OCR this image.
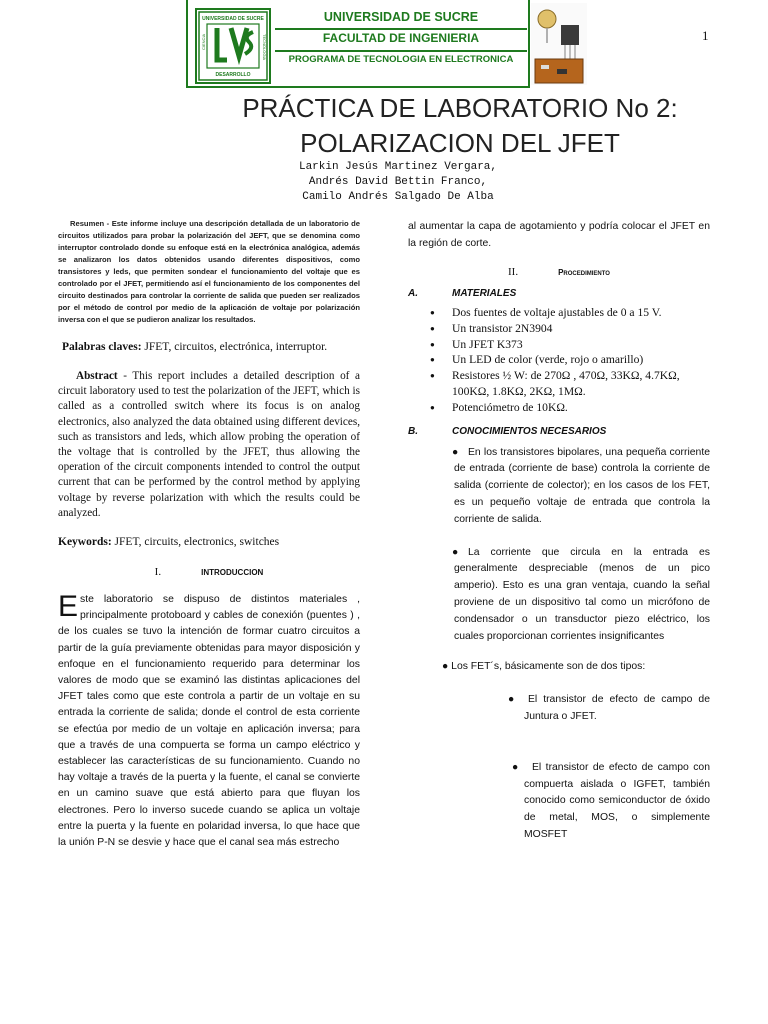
UNIVERSIDAD DE SUCRE
CIENCIA	TECNOLOGIA
DESARROLLO
UNIVERSIDAD DE SUCRE
FACULTAD DE INGENIERIA
PROGRAMA DE TECNOLOGIA EN ELECTRONICA
1
PRÁCTICA DE LABORATORIO No 2:
POLARIZACION DEL JFET
Larkin Jesús Martinez Vergara,
Andrés David Bettin Franco,
Camilo Andrés Salgado De Alba
Resumen - Este informe incluye una descripción detallada de un laboratorio de circuitos utilizados para probar la polarización del JEFT, que se denomina como interruptor controlado donde su enfoque está en la electrónica analógica, además se analizaron los datos obtenidos usando diferentes dispositivos, como transistores y leds, que permiten sondear el funcionamiento del voltaje que es controlado por el JFET, permitiendo así el funcionamiento de los componentes del circuito destinados para controlar la corriente de salida que pueden ser realizados por el método de control por medio de la aplicación de voltaje por polarización inversa con el que se pudieron analizar los resultados.
Palabras claves: JFET, circuitos, electrónica, interruptor.
Abstract - This report includes a detailed description of a circuit laboratory used to test the polarization of the JEFT, which is called as a controlled switch where its focus is on analog electronics, also analyzed the data obtained using different devices, such as transistors and leds, which allow probing the operation of the voltage that is controlled by the JFET, thus allowing the operation of the circuit components intended to control the output current that can be performed by the control method by applying voltage by reverse polarization with which the results could be analyzed.
Keywords: JFET, circuits, electronics, switches
I.	INTRODUCCION
Este laboratorio se dispuso de distintos materiales , principalmente protoboard y cables de conexión (puentes ) , de los cuales se tuvo la intención de formar cuatro circuitos a partir de la guía previamente obtenidas para mayor disposición y enfoque en el funcionamiento requerido para determinar los valores de modo que se examinó las distintas aplicaciones del JFET tales como que este controla a partir de un voltaje en su entrada la corriente de salida; donde el control de esta corriente se efectúa por medio de un voltaje en aplicación inversa; para que a través de una compuerta se forma un campo eléctrico y establecer las características de su funcionamiento. Cuando no hay voltaje a través de la puerta y la fuente, el canal se convierte en un camino suave que está abierto para que fluyan los electrones. Pero lo inverso sucede cuando se aplica un voltaje entre la puerta y la fuente en polaridad inversa, lo que hace que la unión P-N se desvie y hace que el canal sea más estrecho
al aumentar la capa de agotamiento y podría colocar el JFET en la región de corte.
II.	Procedimiento
A.	MATERIALES
● Dos fuentes de voltaje ajustables de 0 a 15 V.
● Un transistor 2N3904
● Un JFET K373
● Un LED de color (verde, rojo o amarillo)
● Resistores ½ W: de 270Ω , 470Ω, 33KΩ, 4.7KΩ, 100KΩ, 1.8KΩ, 2KΩ, 1MΩ.
● Potenciómetro de 10KΩ.
B.	CONOCIMIENTOS NECESARIOS
● En los transistores bipolares, una pequeña corriente de entrada (corriente de base) controla la corriente de salida (corriente de colector); en los casos de los FET, es un pequeño voltaje de entrada que controla la corriente de salida.
● La corriente que circula en la entrada es generalmente despreciable (menos de un pico amperio). Esto es una gran ventaja, cuando la señal proviene de un dispositivo tal como un micrófono de condensador o un transductor piezo eléctrico, los cuales proporcionan corrientes insignificantes
● Los FET´s, básicamente son de dos tipos:
●	El transistor de efecto de campo de Juntura o JFET.
●	El transistor de efecto de campo con compuerta aislada o IGFET, también conocido como semiconductor de óxido de metal, MOS, o simplemente MOSFET
